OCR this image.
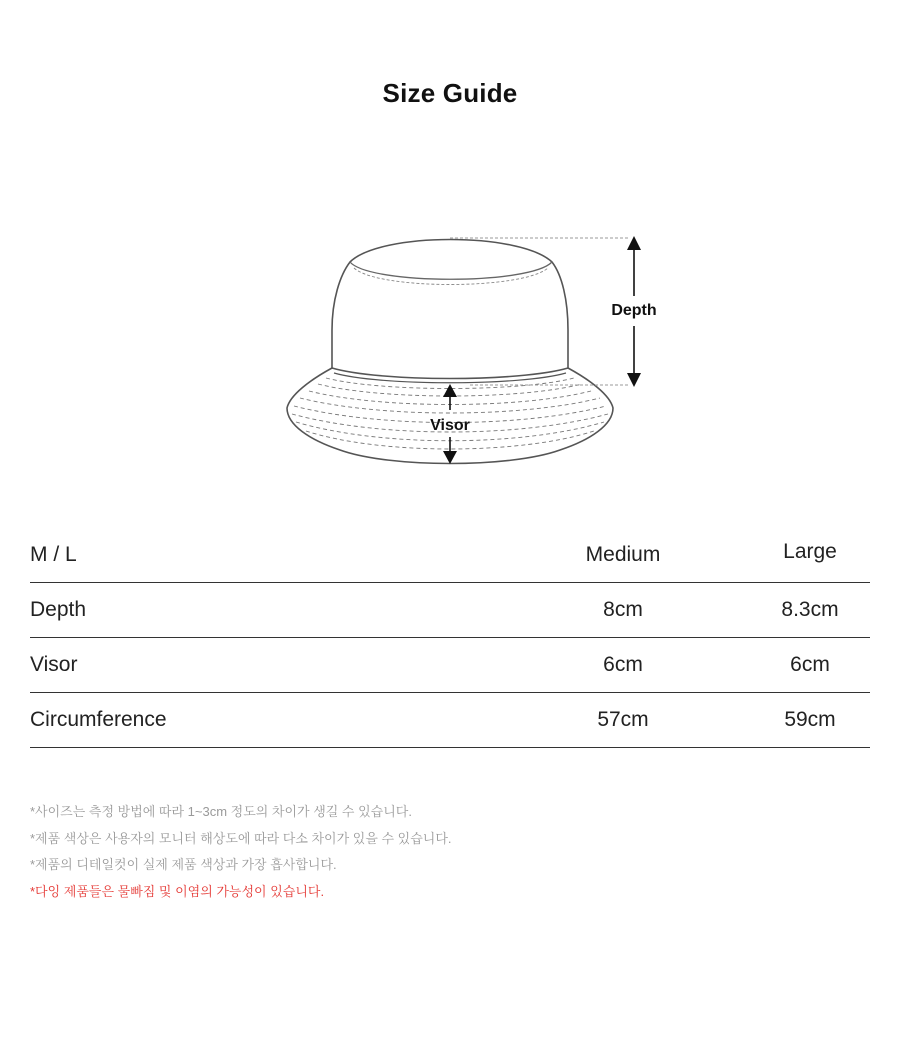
Size Guide
Depth
Visor
M / L	Medium	Large
Depth	8cm	8.3cm
Visor	6cm	6cm
Circumference	57cm	59cm
*사이즈는 측정 방법에 따라 1~3cm 정도의 차이가 생길 수 있습니다.
*제품 색상은 사용자의 모니터 해상도에 따라 다소 차이가 있을 수 있습니다.
*제품의 디테일컷이 실제 제품 색상과 가장 흡사합니다.
*다잉 제품들은 물빠짐 및 이염의 가능성이 있습니다.
